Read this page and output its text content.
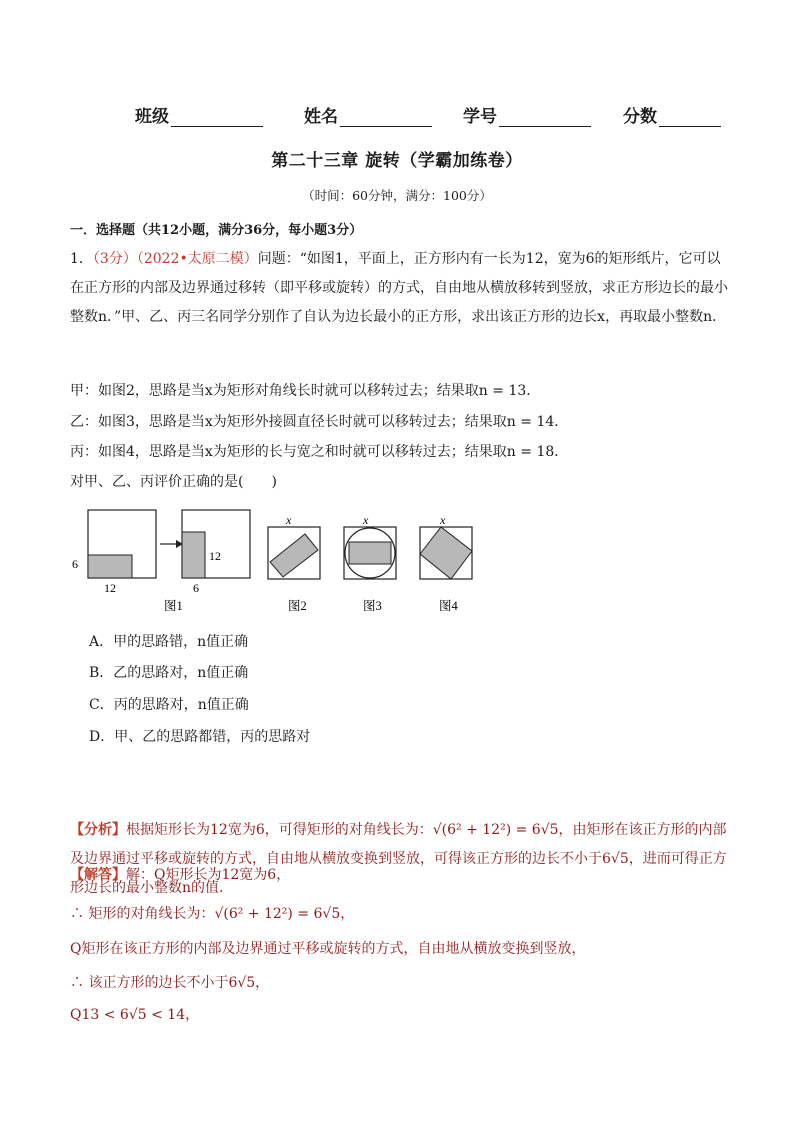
班级	姓名	学号	分数
第二十三章 旋转（学霸加练卷）
（时间：60分钟，满分：100分）
一．选择题（共12小题，满分36分，每小题3分）
1．（3分）（2022•太原二模）问题：“如图1，平面上，正方形内有一长为12，宽为6的矩形纸片，它可以在正方形的内部及边界通过移转（即平移或旋转）的方式，自由地从横放移转到竖放，求正方形边长的最小整数n．”甲、乙、丙三名同学分别作了自认为边长最小的正方形，求出该正方形的边长x，再取最小整数n．
甲：如图2，思路是当x为矩形对角线长时就可以移转过去；结果取n = 13．
乙：如图3，思路是当x为矩形外接圆直径长时就可以移转过去；结果取n = 14．
丙：如图4，思路是当x为矩形的长与宽之和时就可以移转过去；结果取n = 18．
对甲、乙、丙评价正确的是(　　)
6
12
12
6
x	x	x
图1	图2	图3	图4
A．甲的思路错，n值正确
B．乙的思路对，n值正确
C．丙的思路对，n值正确
D．甲、乙的思路都错，丙的思路对
【分析】根据矩形长为12宽为6，可得矩形的对角线长为：√(6² + 12²) = 6√5，由矩形在该正方形的内部及边界通过平移或旋转的方式，自由地从横放变换到竖放，可得该正方形的边长不小于6√5，进而可得正方形边长的最小整数n的值.
【解答】解：Q矩形长为12宽为6，
∴ 矩形的对角线长为：√(6² + 12²) = 6√5，
Q矩形在该正方形的内部及边界通过平移或旋转的方式，自由地从横放变换到竖放，
∴ 该正方形的边长不小于6√5，
Q13 < 6√5 < 14，
